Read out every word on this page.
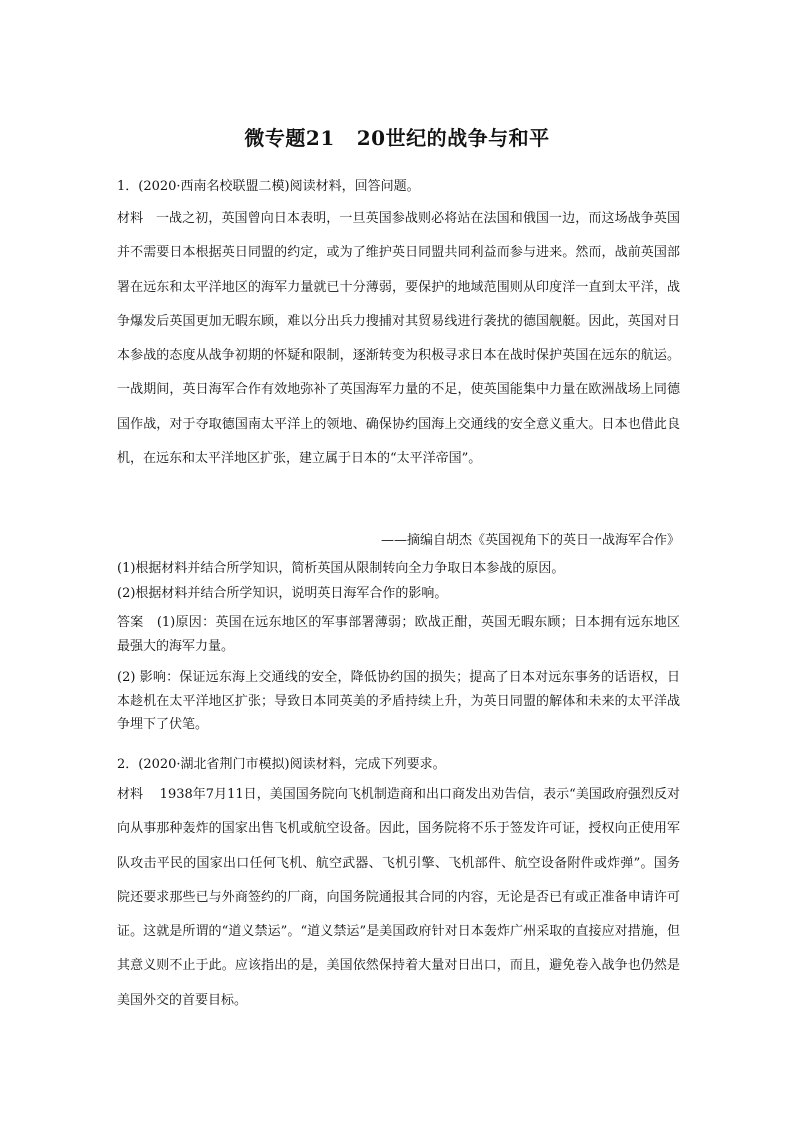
微专题21 20世纪的战争与和平
1．(2020·西南名校联盟二模)阅读材料，回答问题。
材料 一战之初，英国曾向日本表明，一旦英国参战则必将站在法国和俄国一边，而这场战争英国并不需要日本根据英日同盟的约定，或为了维护英日同盟共同利益而参与进来。然而，战前英国部署在远东和太平洋地区的海军力量就已十分薄弱，要保护的地域范围则从印度洋一直到太平洋，战争爆发后英国更加无暇东顾，难以分出兵力搜捕对其贸易线进行袭扰的德国舰艇。因此，英国对日本参战的态度从战争初期的怀疑和限制，逐渐转变为积极寻求日本在战时保护英国在远东的航运。一战期间，英日海军合作有效地弥补了英国海军力量的不足，使英国能集中力量在欧洲战场上同德国作战，对于夺取德国南太平洋上的领地、确保协约国海上交通线的安全意义重大。日本也借此良机，在远东和太平洋地区扩张，建立属于日本的“太平洋帝国”。
——摘编自胡杰《英国视角下的英日一战海军合作》
(1)根据材料并结合所学知识，简析英国从限制转向全力争取日本参战的原因。
(2)根据材料并结合所学知识，说明英日海军合作的影响。
答案 (1)原因：英国在远东地区的军事部署薄弱；欧战正酣，英国无暇东顾；日本拥有远东地区最强大的海军力量。
(2) 影响：保证远东海上交通线的安全，降低协约国的损失；提高了日本对远东事务的话语权，日本趁机在太平洋地区扩张；导致日本同英美的矛盾持续上升，为英日同盟的解体和未来的太平洋战争埋下了伏笔。
2．(2020·湖北省荆门市模拟)阅读材料，完成下列要求。
材料 1938年7月11日，美国国务院向飞机制造商和出口商发出劝告信，表示“美国政府强烈反对向从事那种轰炸的国家出售飞机或航空设备。因此，国务院将不乐于签发许可证，授权向正使用军队攻击平民的国家出口任何飞机、航空武器、飞机引擎、飞机部件、航空设备附件或炸弹”。国务院还要求那些已与外商签约的厂商，向国务院通报其合同的内容，无论是否已有或正准备申请许可证。这就是所谓的“道义禁运”。“道义禁运”是美国政府针对日本轰炸广州采取的直接应对措施，但其意义则不止于此。应该指出的是，美国依然保持着大量对日出口，而且，避免卷入战争也仍然是美国外交的首要目标。
